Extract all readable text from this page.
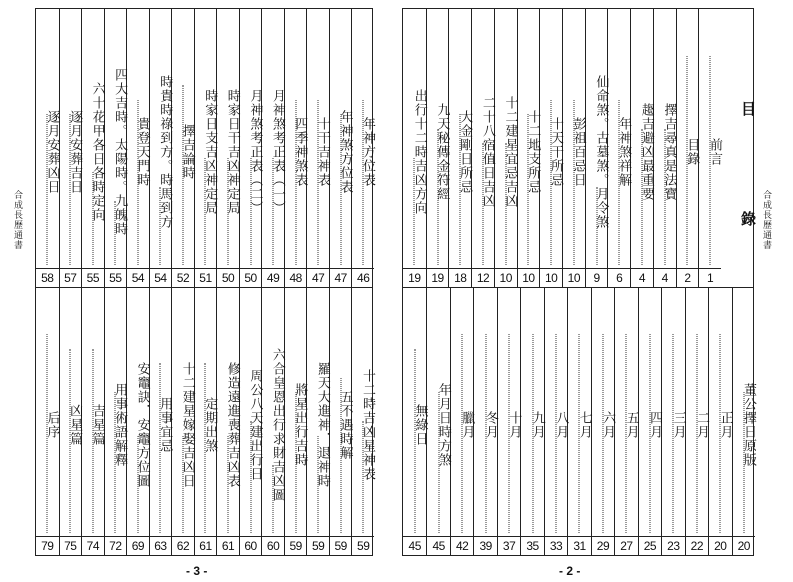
合成長歷通書	合成長歷通書
年神方位表
46
年神煞方位表
47
十干吉神表
47
四季神煞表
48
月神煞考正表（一）
49
月神煞考正表（二）
50
時家日干吉凶神定局
50
時家日支吉凶神定局
51
擇吉論時
52
時貴時祿到方。時馬到方
54
貴登天門時
54
四大吉時。太陽時。九魄時
55
六十花甲各日各時定向
55
逐月安葬吉日
57
逐月安葬凶日
58
十二時吉凶星神表
59
五不遇時解
59
羅天大進神．退神時
59
將星出行吉時
59
六合皇恩出行求財吉凶圖
60
周公八天建出行日
60
修造遠進喪葬吉凶表
61
定期出煞
61
十二建星嫁娶吉凶日
62
用事宜忌
63
安竈訣．安竈方位圖
69
用事術語解釋
72
吉星篇
74
凶星篇
75
后序
79
目　錄
前言
1
目錄
2
擇吉尋真是法寶
4
趨吉避凶最重要
4
年神煞祥解
6
仙命煞。古墓煞。月令煞
9
彭祖百忌日
10
十天干所忌
10
十二地支所忌
10
十二建星宜忌吉凶
10
二十八宿值日吉凶
12
大金剛日所忌
18
九天秘傳金符經
19
出行十二時吉凶方向
19
董公擇日原版
20
正月
20
二月
22
三月
23
四月
25
五月
27
六月
29
七月
31
八月
33
九月
35
十月
37
冬月
39
臘月
42
年月日時方煞
45
無綠日
45
- 3 -	- 2 -
